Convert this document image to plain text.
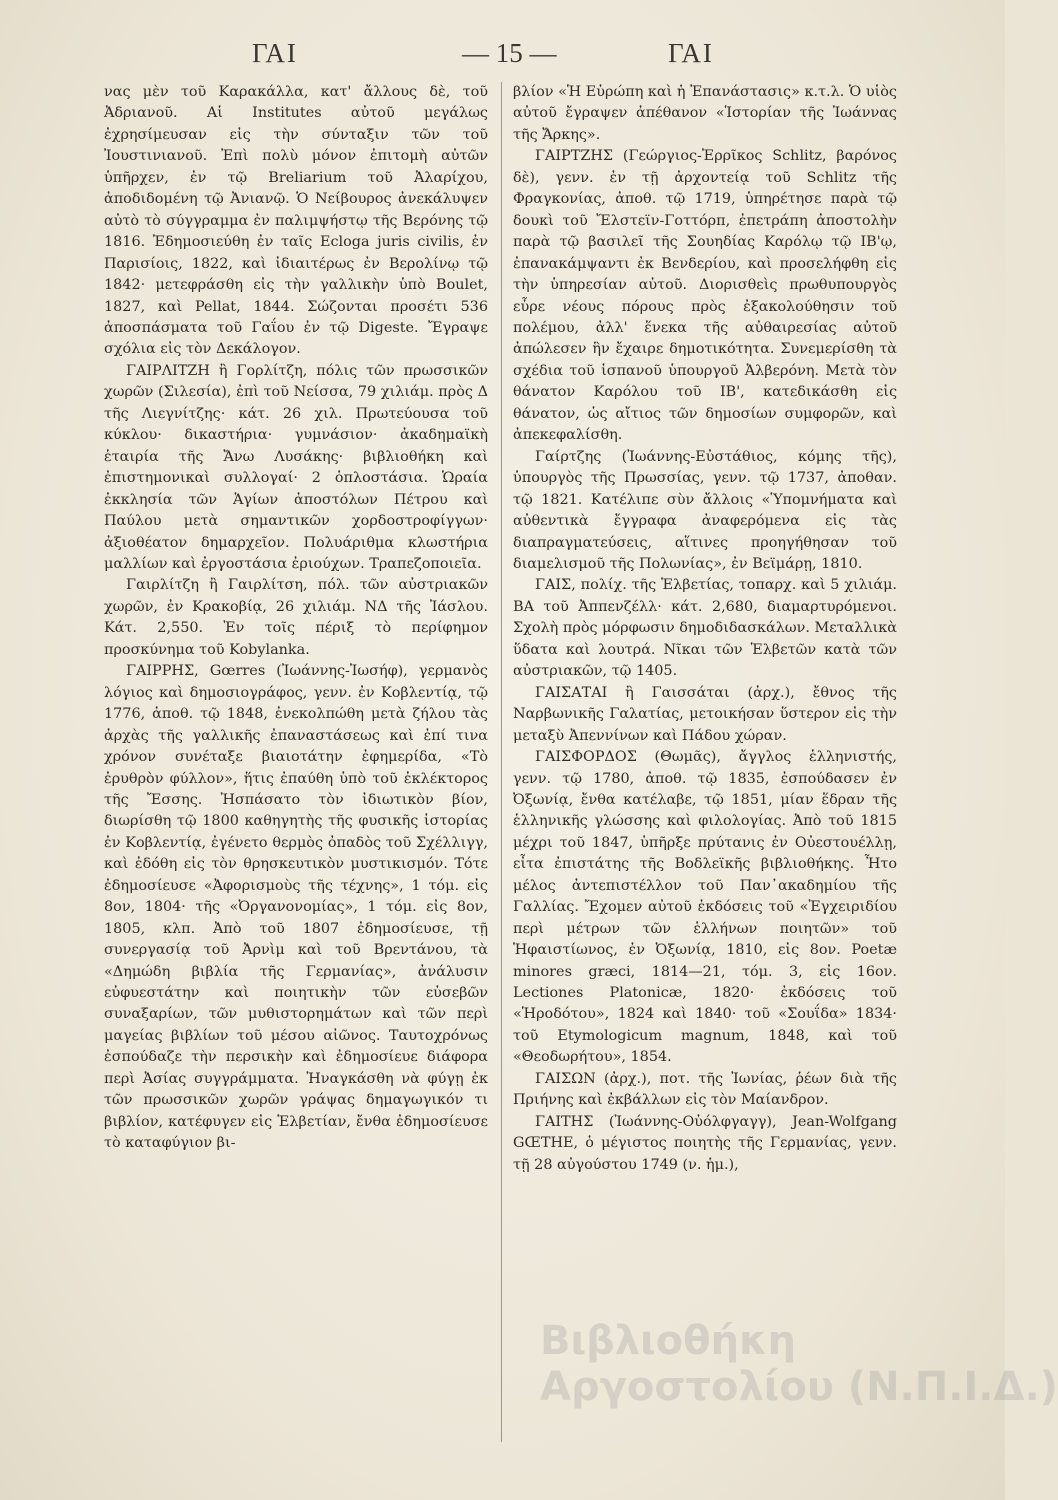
ΓΑΙ	— 15 —	ΓΑΙ

νας μὲν τοῦ Καρακάλλα, κατ' ἄλλους δὲ, τοῦ Ἀδριανοῦ. Αἱ Institutes αὐτοῦ μεγάλως ἐχρησίμευσαν εἰς τὴν σύνταξιν τῶν τοῦ Ἰουστινιανοῦ. Ἐπὶ πολὺ μόνον ἐπιτομὴ αὐτῶν ὑπῆρχεν, ἐν τῷ Breliarium τοῦ Ἀλαρίχου, ἀποδιδομένη τῷ Ἀνιανῷ. Ὁ Νείβουρος ἀνεκάλυψεν αὐτὸ τὸ σύγγραμμα ἐν παλιμψήστῳ τῆς Βερόνης τῷ 1816. Ἐδημοσιεύθη ἐν ταῖς Ecloga juris civilis, ἐν Παρισίοις, 1822, καὶ ἰδιαιτέρως ἐν Βερολίνῳ τῷ 1842· μετεφράσθη εἰς τὴν γαλλικὴν ὑπὸ Boulet, 1827, καὶ Pellat, 1844. Σώζονται προσέτι 536 ἀποσπάσματα τοῦ Γαΐου ἐν τῷ Digeste. Ἔγραψε σχόλια εἰς τὸν Δεκάλογον.

ΓΑΙΡΛΙΤΖΗ ἢ Γορλίτζη, πόλις τῶν πρωσσικῶν χωρῶν (Σιλεσία), ἐπὶ τοῦ Νείσσα, 79 χιλιάμ. πρὸς Δ τῆς Λιεγνίτζης· κάτ. 26 χιλ. Πρωτεύουσα τοῦ κύκλου· δικαστήρια· γυμνάσιον· ἀκαδημαϊκὴ ἑταιρία τῆς Ἄνω Λυσάκης· βιβλιοθήκη καὶ ἐπιστημονικαὶ συλλογαί· 2 ὁπλοστάσια. Ὡραία ἐκκλησία τῶν Ἁγίων ἀποστόλων Πέτρου καὶ Παύλου μετὰ σημαντικῶν χορδοστροφίγγων· ἀξιοθέατον δημαρχεῖον. Πολυάριθμα κλωστήρια μαλλίων καὶ ἐργοστάσια ἐριούχων. Τραπεζοποιεῖα.

Γαιρλίτζη ἢ Γαιρλίτση, πόλ. τῶν αὐστριακῶν χωρῶν, ἐν Κρακοβίᾳ, 26 χιλιάμ. ΝΔ τῆς Ἰάσλου. Κάτ. 2,550. Ἐν τοῖς πέριξ τὸ περίφημον προσκύνημα τοῦ Kobylanka.

ΓΑΙΡΡΗΣ, Gœrres (Ἰωάννης-Ἰωσήφ), γερμανὸς λόγιος καὶ δημοσιογράφος, γενν. ἐν Κοβλεντίᾳ, τῷ 1776, ἀποθ. τῷ 1848, ἐνεκολπώθη μετὰ ζήλου τὰς ἀρχὰς τῆς γαλλικῆς ἐπαναστάσεως καὶ ἐπί τινα χρόνον συνέταξε βιαιοτάτην ἐφημερίδα, «Τὸ ἐρυθρὸν φύλλον», ἥτις ἐπαύθη ὑπὸ τοῦ ἐκλέκτορος τῆς Ἔσσης. Ἠσπάσατο τὸν ἰδιωτικὸν βίον, διωρίσθη τῷ 1800 καθηγητὴς τῆς φυσικῆς ἱστορίας ἐν Κοβλεντίᾳ, ἐγένετο θερμὸς ὀπαδὸς τοῦ Σχέλλιγγ, καὶ ἐδόθη εἰς τὸν θρησκευτικὸν μυστικισμόν. Τότε ἐδημοσίευσε «Ἀφορισμοὺς τῆς τέχνης», 1 τόμ. εἰς 8ον, 1804· τῆς «Ὀργανονομίας», 1 τόμ. εἰς 8ον, 1805, κλπ. Ἀπὸ τοῦ 1807 ἐδημοσίευσε, τῇ συνεργασίᾳ τοῦ Ἀρνὶμ καὶ τοῦ Βρεντάνου, τὰ «Δημώδη βιβλία τῆς Γερμανίας», ἀνάλυσιν εὐφυεστάτην καὶ ποιητικὴν τῶν εὐσεβῶν συναξαρίων, τῶν μυθιστορημάτων καὶ τῶν περὶ μαγείας βιβλίων τοῦ μέσου αἰῶνος. Ταυτοχρόνως ἐσπούδαζε τὴν περσικὴν καὶ ἐδημοσίευε διάφορα περὶ Ἀσίας συγγράμματα. Ἠναγκάσθη νὰ φύγῃ ἐκ τῶν πρωσσικῶν χωρῶν γράψας δημαγωγικόν τι βιβλίον, κατέφυγεν εἰς Ἑλβετίαν, ἔνθα ἐδημοσίευσε τὸ καταφύγιον βι-

βλίον «Ἡ Εὐρώπη καὶ ἡ Ἐπανάστασις» κ.τ.λ. Ὁ υἱὸς αὐτοῦ ἔγραψεν ἀπέθανον «Ἱστορίαν τῆς Ἰωάννας τῆς Ἄρκης».

ΓΑΙΡΤΖΗΣ (Γεώργιος-Ἐρρῖκος Schlitz, βαρόνος δὲ), γενν. ἐν τῇ ἀρχοντείᾳ τοῦ Schlitz τῆς Φραγκονίας, ἀποθ. τῷ 1719, ὑπηρέτησε παρὰ τῷ δουκὶ τοῦ Ἔλστεϊν-Γοττόρπ, ἐπετράπη ἀποστολὴν παρὰ τῷ βασιλεῖ τῆς Σουηδίας Καρόλῳ τῷ ΙΒ'ῳ, ἐπανακάμψαντι ἐκ Βενδερίου, καὶ προσελήφθη εἰς τὴν ὑπηρεσίαν αὐτοῦ. Διορισθεὶς πρωθυπουργὸς εὗρε νέους πόρους πρὸς ἐξακολούθησιν τοῦ πολέμου, ἀλλ' ἕνεκα τῆς αὐθαιρεσίας αὐτοῦ ἀπώλεσεν ἣν ἔχαιρε δημοτικότητα. Συνεμερίσθη τὰ σχέδια τοῦ ἱσπανοῦ ὑπουργοῦ Ἀλβερόνη. Μετὰ τὸν θάνατον Καρόλου τοῦ ΙΒ', κατεδικάσθη εἰς θάνατον, ὡς αἴτιος τῶν δημοσίων συμφορῶν, καὶ ἀπεκεφαλίσθη.

Γαίρτζης (Ἰωάννης-Εὐστάθιος, κόμης τῆς), ὑπουργὸς τῆς Πρωσσίας, γενν. τῷ 1737, ἀποθαν. τῷ 1821. Κατέλιπε σὺν ἄλλοις «Ὑπομνήματα καὶ αὐθεντικὰ ἔγγραφα ἀναφερόμενα εἰς τὰς διαπραγματεύσεις, αἵτινες προηγήθησαν τοῦ διαμελισμοῦ τῆς Πολωνίας», ἐν Βεϊμάρῃ, 1810.

ΓΑΙΣ, πολίχ. τῆς Ἑλβετίας, τοπαρχ. καὶ 5 χιλιάμ. ΒΑ τοῦ Ἀππενζέλλ· κάτ. 2,680, διαμαρτυρόμενοι. Σχολὴ πρὸς μόρφωσιν δημοδιδασκάλων. Μεταλλικὰ ὕδατα καὶ λουτρά. Νῖκαι τῶν Ἑλβετῶν κατὰ τῶν αὐστριακῶν, τῷ 1405.

ΓΑΙΣΑΤΑΙ ἢ Γαισσάται (ἀρχ.), ἔθνος τῆς Ναρβωνικῆς Γαλατίας, μετοικήσαν ὕστερον εἰς τὴν μεταξὺ Ἀπεννίνων καὶ Πάδου χώραν.

ΓΑΙΣΦΟΡΔΟΣ (Θωμᾶς), ἄγγλος ἑλληνιστής, γενν. τῷ 1780, ἀποθ. τῷ 1835, ἐσπούδασεν ἐν Ὀξωνίᾳ, ἔνθα κατέλαβε, τῷ 1851, μίαν ἕδραν τῆς ἑλληνικῆς γλώσσης καὶ φιλολογίας. Ἀπὸ τοῦ 1815 μέχρι τοῦ 1847, ὑπῆρξε πρύτανις ἐν Οὐεστουέλλῃ, εἶτα ἐπιστάτης τῆς Βοδλεϊκῆς βιβλιοθήκης. Ἦτο μέλος ἀντεπιστέλλον τοῦ Παν᾿ακαδημίου τῆς Γαλλίας. Ἔχομεν αὐτοῦ ἐκδόσεις τοῦ «Ἐγχειριδίου περὶ μέτρων τῶν ἑλλήνων ποιητῶν» τοῦ Ἡφαιστίωνος, ἐν Ὀξωνίᾳ, 1810, εἰς 8ον. Poetæ minores græci, 1814—21, τόμ. 3, εἰς 16ον. Lectiones Platonicæ, 1820· ἐκδόσεις τοῦ «Ἡροδότου», 1824 καὶ 1840· τοῦ «Σουΐδα» 1834· τοῦ Etymologicum magnum, 1848, καὶ τοῦ «Θεοδωρήτου», 1854.

ΓΑΙΣΩΝ (ἀρχ.), ποτ. τῆς Ἰωνίας, ῥέων διὰ τῆς Πριήνης καὶ ἐκβάλλων εἰς τὸν Μαίανδρον.

ΓΑΙΤΗΣ (Ἰωάννης-Οὐόλφγαγγ), Jean-Wolfgang GŒTHE, ὁ μέγιστος ποιητὴς τῆς Γερμανίας, γενν. τῇ 28 αὐγούστου 1749 (ν. ἡμ.),

Βιβλιοθήκη
Αργοστολίου (Ν.Π.Ι.Δ.)
